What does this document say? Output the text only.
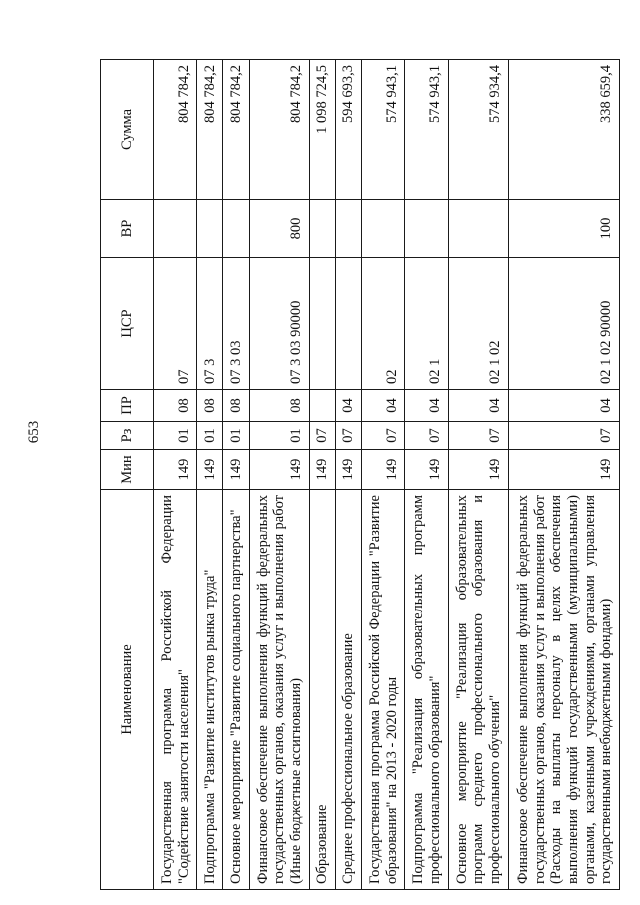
653
Наименование	Мин	Рз	ПР	ЦСР	ВР	Сумма
Государственная программа Российской Федерации "Содействие занятости населения"	149	01	08	07		804 784,2
Подпрограмма "Развитие институтов рынка труда"	149	01	08	07 3		804 784,2
Основное мероприятие "Развитие социального партнерства"	149	01	08	07 3 03		804 784,2
Финансовое обеспечение выполнения функций федеральных государственных органов, оказания услуг и выполнения работ (Иные бюджетные ассигнования)	149	01	08	07 3 03 90000	800	804 784,2
Образование	149	07				1 098 724,5
Среднее профессиональное образование	149	07	04			594 693,3
Государственная программа Российской Федерации "Развитие образования" на 2013 - 2020 годы	149	07	04	02		574 943,1
Подпрограмма "Реализация образовательных программ профессионального образования"	149	07	04	02 1		574 943,1
Основное мероприятие "Реализация образовательных программ среднего профессионального образования и профессионального обучения"	149	07	04	02 1 02		574 934,4
Финансовое обеспечение выполнения функций федеральных государственных органов, оказания услуг и выполнения работ (Расходы на выплаты персоналу в целях обеспечения выполнения функций государственными (муниципальными) органами, казенными учреждениями, органами управления государственными внебюджетными фондами)	149	07	04	02 1 02 90000	100	338 659,4
